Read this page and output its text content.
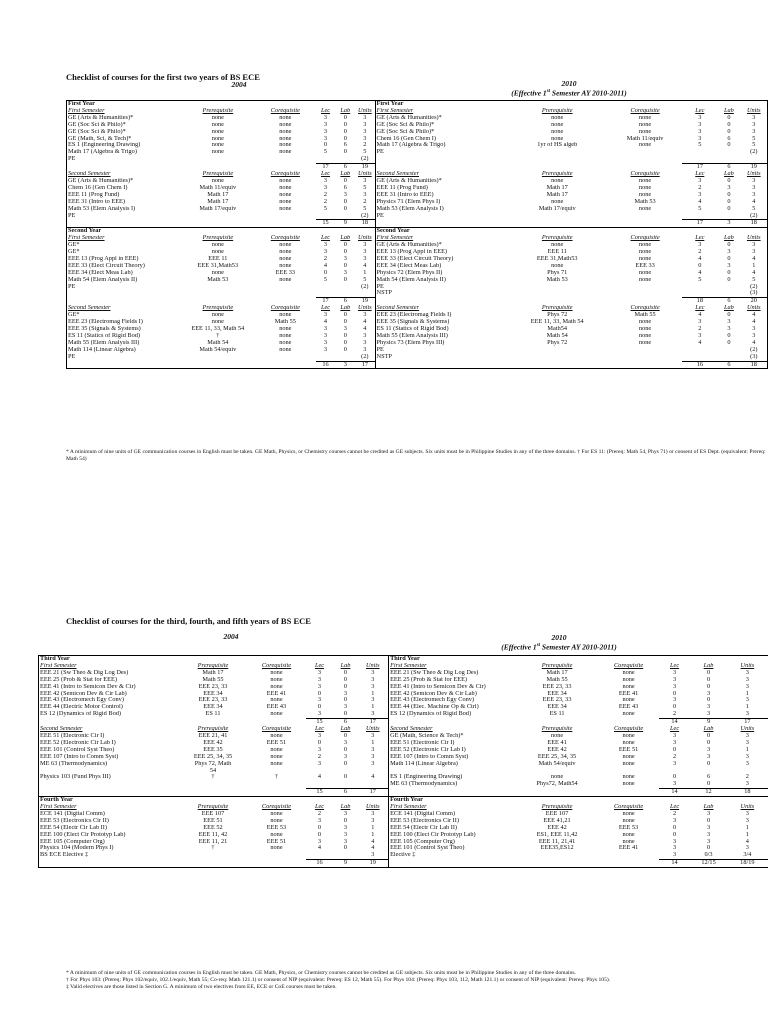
Checklist of courses for the first two years of BS ECE
2004	2010
(Effective 1st Semester AY 2010-2011)
First Year						First Year					
First Semester	Prerequisite	Corequisite	Lec	Lab	Units	First Semester	Prerequisite	Corequisite	Lec	Lab	Units
GE (Arts & Humanities)*	none	none	3	0	3	GE (Arts & Humanities)*	none	none	3	0	3
GE (Soc Sci & Philo)*	none	none	3	0	3	GE (Soc Sci & Philo)*	none	none	3	0	3
GE (Soc Sci & Philo)*	none	none	3	0	3	GE (Soc Sci & Philo)*	none	none	3	0	3
GE (Math, Sci, & Tech)*	none	none	3	0	3	Chem 16 (Gen Chem I)	none	Math 11/equiv	3	6	5
ES 1 (Engineering Drawing)	none	none	0	6	2	Math 17 (Algebra & Trigo)	1yr of HS algeb	none	5	0	5
Math 17 (Algebra & Trigo)	none	none	5	0	5	PE					(2)
PE					(2)						
			17	6	19				17	6	19
Second Semester	Prerequisite	Corequisite	Lec	Lab	Units	Second Semester	Prerequisite	Corequisite	Lec	Lab	Units
GE (Arts & Humanities)*	none	none	3	0	3	GE (Arts & Humanities)*	none	none	3	0	3
Chem 16 (Gen Chem I)	Math 11/equiv	none	3	6	5	EEE 11 (Prog Fund)	Math 17	none	2	3	3
EEE 11 (Prog Fund)	Math 17	none	2	3	3	EEE 31 (Intro to EEE)	Math 17	none	3	0	3
EEE 31 (Intro to EEE)	Math 17	none	2	0	2	Physics 71 (Elem Phys I)	none	Math 53	4	0	4
Math 53 (Elem Analysis I)	Math 17/equiv	none	5	0	5	Math 53 (Elem Analysis I)	Math 17/equiv	none	5	0	5
PE					(2)	PE					(2)
			15	9	18				17	3	18
Second Year						Second Year					
First Semester	Prerequisite	Corequisite	Lec	Lab	Units	First Semester	Prerequisite	Corequisite	Lec	Lab	Units
GE*	none	none	3	0	3	GE (Arts & Humanities)*	none	none	3	0	3
GE*	none	none	3	0	3	EEE 13 (Prog Appl in EEE)	EEE 11	none	2	3	3
EEE 13 (Prog Appl in EEE)	EEE 11	none	2	3	3	EEE 33 (Elect Circuit Theory)	EEE 31,Math53	none	4	0	4
EEE 33 (Elect Circuit Theory)	EEE 31,Math53	none	4	0	4	EEE 34 (Elect Meas Lab)	none	EEE 33	0	3	1
EEE 34 (Elect Meas Lab)	none	EEE 33	0	3	1	Physics 72 (Elem Phys II)	Phys 71	none	4	0	4
Math 54 (Elem Analysis II)	Math 53	none	5	0	5	Math 54 (Elem Analysis II)	Math 53	none	5	0	5
PE					(2)	PE					(2)
						NSTP					(3)
			17	6	19				18	6	20
Second Semester	Prerequisite	Corequisite	Lec	Lab	Units	Second Semester	Prerequisite	Corequisite	Lec	Lab	Units
GE*	none	none	3	0	3	EEE 23 (Electromag Fields I)	Phys 72	Math 55	4	0	4
EEE 23 (Electromag Fields I)	none	Math 55	4	0	4	EEE 35 (Signals & Systems)	EEE 11, 33, Math 54	none	3	3	4
EEE 35 (Signals & Systems)	EEE 11, 33, Math 54	none	3	3	4	ES 11 (Statics of Rigid Bod)	Math54	none	2	3	3
ES 11 (Statics of Rigid Bod)	†	none	3	0	3	Math 55 (Elem Analysis III)	Math 54	none	3	0	3
Math 55 (Elem Analysis III)	Math 54	none	3	0	3	Physics 73 (Elem Phys III)	Phys 72	none	4	0	4
Math 114 (Linear Algebra)	Math 54/equiv	none	3	0	3	PE					(2)
PE					(2)	NSTP					(3)
			16	3	17				16	6	18

* A minimum of nine units of GE communication courses in English must be taken. GE Math, Physics, or Chemistry courses cannot be credited as GE subjects. Six units must be in Philippine Studies in any of the three domains. † For ES 11: (Prereq: Math 54, Phys 71) or consent of ES Dept. (equivalent: Prereq: Math 54)

Checklist of courses for the third, fourth, and fifth years of BS ECE
2004	2010
(Effective 1st Semester AY 2010-2011)
Third Year						Third Year					
First Semester	Prerequisite	Corequisite	Lec	Lab	Units	First Semester	Prerequisite	Corequisite	Lec	Lab	Units
EEE 21 (Sw Theo & Dig Log Des)	Math 17	none	3	0	3	EEE 21 (Sw Theo & Dig Log Des)	Math 17	none	3	0	3
EEE 25 (Prob & Stat for EEE)	Math 55	none	3	0	3	EEE 25 (Prob & Stat for EEE)	Math 55	none	3	0	3
EEE 41 (Intro to Semicon Dev & Cir)	EEE 23, 33	none	3	0	3	EEE 41 (Intro to Semicon Dev & Cir)	EEE 23, 33	none	3	0	3
EEE 42 (Semicon Dev & Cir Lab)	EEE 34	EEE 41	0	3	1	EEE 42 (Semicon Dev & Cir Lab)	EEE 34	EEE 41	0	3	1
EEE 43 (Electromech Egy Conv)	EEE 23, 33	none	3	0	3	EEE 43 (Electromech Egy Conv)	EEE 23, 33	none	3	0	3
EEE 44 (Electric Motor Control)	EEE 34	EEE 43	0	3	1	EEE 44 (Elec. Machine Op & Ctrl)	EEE 34	EEE 43	0	3	1
ES 12 (Dynamics of Rigid Bod)	ES 11	none	3	0	3	ES 12 (Dynamics of Rigid Bod)	ES 11	none	2	3	3
			15	6	17				14	9	17
Second Semester	Prerequisite	Corequisite	Lec	Lab	Units	Second Semester	Prerequisite	Corequisite	Lec	Lab	Units
EEE 51 (Electronic Cir I)	EEE 21, 41	none	3	0	3	GE (Math, Science & Tech)*	none	none	3	0	3
EEE 52 (Electronic Cir Lab I)	EEE 42	EEE 51	0	3	1	EEE 51 (Electronic Cir I)	EEE 41	none	3	0	3
EEE 101 (Control Syst Theo)	EEE 35	none	3	0	3	EEE 52 (Electronic Cir Lab I)	EEE 42	EEE 51	0	3	1
EEE 107 (Intro to Comm Syst)	EEE 25, 34, 35	none	2	3	3	EEE 107 (Intro to Comm Syst)	EEE 25, 34, 35	none	2	3	3
ME 63 (Thermodynamics)	Phys 72, Math	none	3	0	3	Math 114 (Linear Algebra)	Math 54/equiv	none	3	0	3
	54										
Physics 103 (Fund Phys III)	†	†	4	0	4	ES 1 (Engineering Drawing)	none	none	0	6	2
						ME 63 (Thermodynamics)	Phys72, Math54	none	3	0	3
			15	6	17				14	12	18
Fourth Year						Fourth Year					
First Semester	Prerequisite	Corequisite	Lec	Lab	Units	First Semester	Prerequisite	Corequisite	Lec	Lab	Units
ECE 141 (Digital Comm)	EEE 107	none	2	3	3	ECE 141 (Digital Comm)	EEE 107	none	2	3	3
EEE 53 (Electronics Cir II)	EEE 51	none	3	0	3	EEE 53 (Electronics Cir II)	EEE 41,21	none	3	0	3
EEE 54 (Electr Cir Lab II)	EEE 52	EEE 53	0	3	1	EEE 54 (Electr Cir Lab II)	EEE 42	EEE 53	0	3	1
EEE 100 (Elect Cir Prototyp Lab)	EEE 11, 42	none	0	3	1	EEE 100 (Elect Cir Prototyp Lab)	ES1, EEE 11,42	none	0	3	1
EEE 105 (Computer Org)	EEE 11, 21	EEE 51	3	3	4	EEE 105 (Computer Org)	EEE 11, 21,41	none	3	3	4
Physics 104 (Modern Phys I)	†	none	4	0	4	EEE 101 (Control Syst Theo)	EEE35,ES12	EEE 41	3	0	3
BS ECE Elective ‡					3	Elective ‡			3	0/3	3/4
			16	9	19				14	12/15	18/19

* A minimum of nine units of GE communication courses in English must be taken. GE Math, Physics, or Chemistry courses cannot be credited as GE subjects. Six units must be in Philippine Studies in any of the three domains.

† For Phys 103: (Prereq: Phys 102/equiv, 102.1/equiv, Math 55; Co-req: Math 121.1) or consent of NIP (equivalent: Prereq: ES 12, Math 55). For Phys 104: (Prereq: Phys 103, 112, Math 121.1) or consent of NIP (equivalent: Prereq: Phys 105).

‡ Valid electives are those listed in Section G. A minimum of two electives from EE, ECE or CoE courses must be taken.
